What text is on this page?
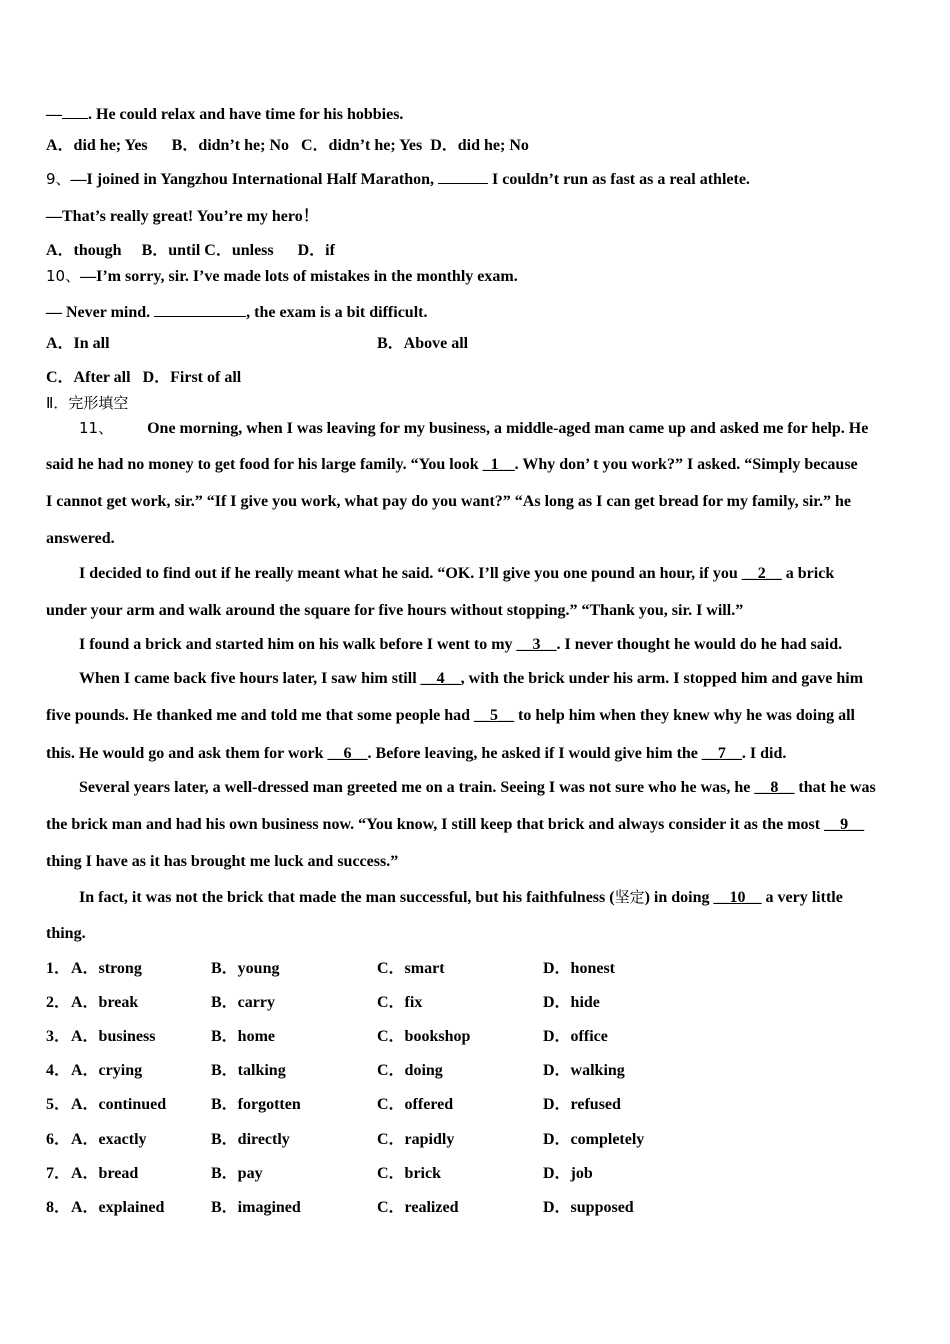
— . He could relax and have time for his hobbies.
A．did he; Yes      B．didn’t he; No   C．didn’t he; Yes  D．did he; No
9、—I joined in Yangzhou International Half Marathon,	I couldn’t run as fast as a real athlete.
—That’s really great! You’re my hero！
A．though     B．until C．unless      D．if
10、—I’m sorry, sir. I’ve made lots of mistakes in the monthly exam.
— Never mind.	, the exam is a bit difficult.
A．In all	B．Above all
C．After all   D．First of all
Ⅱ．完形填空
11、 One morning, when I was leaving for my business, a middle-aged man came up and asked me for help. He
said he had no money to get food for his large family. “You look _1__. Why don’ t you work?” I asked. “Simply because
I cannot get work, sir.” “If I give you work, what pay do you want?” “As long as I can get bread for my family, sir.” he
answered.
I decided to find out if he really meant what he said. “OK. I’ll give you one pound an hour, if you __2__ a brick
under your arm and walk around the square for five hours without stopping.” “Thank you, sir. I will.”
I found a brick and started him on his walk before I went to my __3__. I never thought he would do he had said.
When I came back five hours later, I saw him still __4__, with the brick under his arm. I stopped him and gave him
five pounds. He thanked me and told me that some people had __5__ to help him when they knew why he was doing all
this. He would go and ask them for work __6__. Before leaving, he asked if I would give him the __7__. I did.
Several years later, a well-dressed man greeted me on a train. Seeing I was not sure who he was, he __8__ that he was
the brick man and had his own business now. “You know, I still keep that brick and always consider it as the most __9__
thing I have as it has brought me luck and success.”
In fact, it was not the brick that made the man successful, but his faithfulness (坚定) in doing __10__ a very little
thing.
1． A．strong	B．young	C．smart	D．honest
2． A．break	B．carry	C．fix	D．hide
3． A．business	B．home	C．bookshop	D．office
4． A．crying	B．talking	C．doing	D．walking
5． A．continued	B．forgotten	C．offered	D．refused
6． A．exactly	B．directly	C．rapidly	D．completely
7． A．bread	B．pay	C．brick	D．job
8． A．explained	B．imagined	C．realized	D．supposed
